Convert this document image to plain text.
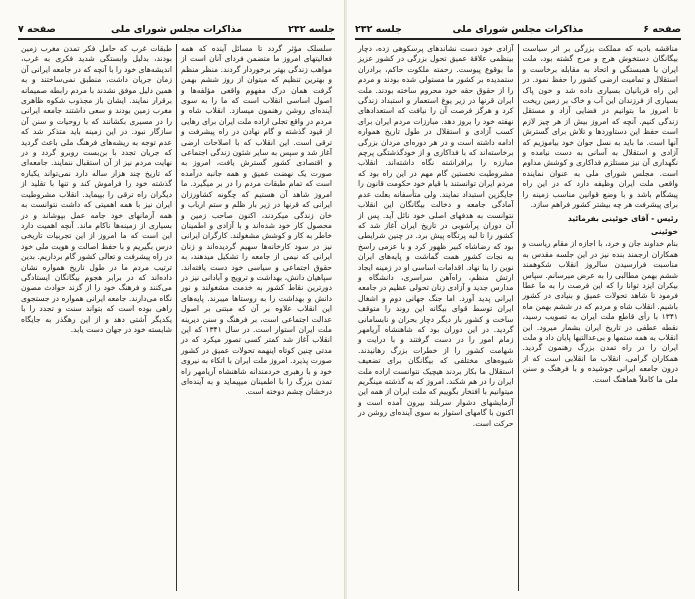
جلسه ۲۳۲
مذاکرات مجلس شورای ملی
صفحه ۷

طبقات غرب که حامل فکر تمدن مغرب زمین بودند، بدلیل وابستگی شدید فکری به غرب، اندیشه‌های خود را با آنچه که در جامعه ایرانی آن زمان جریان داشت، منطبق نمی‌ساختند و به همین دلیل موفق نشدند با مردم رابطه صمیمانه برقرار نمایند. ایشان باز مجذوب شکوه ظاهری مغرب زمین بودند و سعی داشتند جامعه ایرانی را در مسیری بکشانند که با روحیات و سنن آن سازگار نبود. در این زمینه باید متذکر شد که عدم توجه به ریشه‌های فرهنگ ملی باعث گردید که جریان تجدد با بن‌بست روبرو گردد و در نهایت مردم نیز از آن استقبال ننمایند. جامعه‌ای که تاریخ چند هزار ساله دارد نمی‌تواند یکباره گذشته خود را فراموش کند و تنها با تقلید از دیگران راه ترقی را بپیماید. انقلاب مشروطیت ایران نیز با همه اهمیتی که داشت نتوانست به همه آرمانهای خود جامه عمل بپوشاند و در بسیاری از زمینه‌ها ناکام ماند. آنچه اهمیت دارد این است که ما امروز از این تجربیات تاریخی درس بگیریم و با حفظ اصالت و هویت ملی خود در راه پیشرفت و تعالی کشور گام برداریم. بدین ترتیب مردم ما در طول تاریخ همواره نشان داده‌اند که در برابر هجوم بیگانگان ایستادگی می‌کنند و فرهنگ خود را از گزند حوادث مصون نگاه می‌دارند. جامعه ایرانی همواره در جستجوی راهی بوده است که بتواند سنت و تجدد را با یکدیگر آشتی دهد و از این رهگذر به جایگاه شایسته خود در جهان دست یابد.

سلسلک مؤثر گردد تا مسائل آینده که همه فعالیتهای امروز ما متضمن فردای آنان است از مواهب زندگی بهتر برخوردار گردند. منظر منظم و بهترین تنظیم که میتوان از روز ششم بهمن گرفت همان درک مفهوم واقعی مؤلفه‌ها و اصول اساسی انقلاب است که ما را به سوی آینده‌ای روشن رهنمون میسازد. انقلاب شاه و مردم در واقع تجلی اراده ملت ایران برای رهایی از قیود گذشته و گام نهادن در راه پیشرفت و ترقی است. این انقلاب که با اصلاحات ارضی آغاز شد و سپس به سایر شئون زندگی اجتماعی و اقتصادی کشور گسترش یافت، امروز به صورت یک نهضت عمیق و همه جانبه درآمده است که تمام طبقات مردم را در بر میگیرد. ما امروز شاهد آن هستیم که چگونه کشاورزان ایرانی که قرنها در زیر بار ظلم و ستم ارباب و خان زندگی میکردند، اکنون صاحب زمین و محصول کار خود شده‌اند و با آزادی و اطمینان خاطر به کار و کوشش مشغولند. کارگران ایرانی نیز در سود کارخانه‌ها سهیم گردیده‌اند و زنان ایرانی که نیمی از جامعه را تشکیل میدهند، به حقوق اجتماعی و سیاسی خود دست یافته‌اند. سپاهیان دانش، بهداشت و ترویج و آبادانی نیز در دورترین نقاط کشور به خدمت مشغولند و نور دانش و بهداشت را به روستاها میبرند. پایه‌های این انقلاب علاوه بر آن که مبتنی بر اصول عدالت اجتماعی است، بر فرهنگ و سنن دیرینه ملت ایران استوار است. در سال ۱۳۴۱ که این انقلاب آغاز شد کمتر کسی تصور میکرد که در مدتی چنین کوتاه اینهمه تحولات عمیق در کشور صورت پذیرد. امروز ملت ایران با اتکاء به نیروی خود و با رهبری خردمندانه شاهنشاه آریامهر راه تمدن بزرگ را با اطمینان میپیماید و به آینده‌ای درخشان چشم دوخته است.

صفحه ۶
مذاکرات مجلس شورای ملی
جلسه ۲۳۲

آزادی خود دست نشاندهای پرسکوهی زده، دچار بینظمی علاقهٔ عمیق تحول بزرگی در کشور عزیز ما بوقوع پیوست. رحمته ملکوت حاکم، برادران ستمدیده بر کشور ما مستولی شده بودند و مردم را از حقوق حقه خود محروم ساخته بودند. ملت ایران قرنها در زیر یوغ استعمار و استبداد زندگی کرد و هرگز فرصت آن را نیافت که استعدادهای نهفته خود را بروز دهد. مبارزات مردم ایران برای کسب آزادی و استقلال در طول تاریخ همواره ادامه داشته است و در هر دوره‌ای مردان بزرگی برخاسته‌اند که با فداکاری و از خودگذشتگی پرچم مبارزه را برافراشته نگاه داشته‌اند. انقلاب مشروطیت نخستین گام مهم در این راه بود که مردم ایران توانستند با قیام خود حکومت قانون را جایگزین استبداد نمایند. ولی متأسفانه بعلت عدم آمادگی جامعه و دخالت بیگانگان این انقلاب نتوانست به هدفهای اصلی خود نائل آید. پس از آن دوران پرآشوبی در تاریخ ایران آغاز شد که کشور را تا لبه پرتگاه پیش برد. در چنین شرایطی بود که رضاشاه کبیر ظهور کرد و با عزمی راسخ به نجات کشور همت گماشت و پایه‌های ایران نوین را بنا نهاد. اقدامات اساسی او در زمینه ایجاد ارتش منظم، راه‌آهن سراسری، دانشگاه و مدارس جدید و آزادی زنان تحولی عظیم در جامعه ایرانی پدید آورد. اما جنگ جهانی دوم و اشغال ایران توسط قوای بیگانه این روند را متوقف ساخت و کشور بار دیگر دچار بحران و نابسامانی گردید. در این دوران بود که شاهنشاه آریامهر زمام امور را در دست گرفتند و با درایت و شهامت کشور را از خطرات بزرگ رهانیدند. شیوه‌های مختلفی که بیگانگان برای تضعیف استقلال ما بکار بردند هیچیک نتوانست اراده ملت ایران را در هم شکند. امروز که به گذشته مینگریم میتوانیم با افتخار بگوییم که ملت ایران از همه این آزمایشهای دشوار سربلند بیرون آمده است و اکنون با گامهای استوار به سوی آینده‌ای روشن در حرکت است.

مناقشه بادیه که مملکت بزرگی بر اثر سیاست بیگانگان دستخوش هرج و مرج گشته بود، ملت ایران با همبستگی و اتحاد به مقابله برخاست و استقلال و تمامیت ارضی کشور را حفظ نمود. در این راه قربانیان بسیاری داده شد و خون پاک بسیاری از فرزندان این آب و خاک بر زمین ریخت تا امروز ما بتوانیم در فضایی آزاد و مستقل زندگی کنیم. آنچه که امروز بیش از هر چیز لازم است حفظ این دستاوردها و تلاش برای گسترش آنها است. ما باید به نسل جوان خود بیاموزیم که آزادی و استقلال به آسانی به دست نیامده و نگهداری آن نیز مستلزم فداکاری و کوشش مداوم است. مجلس شورای ملی به عنوان نماینده واقعی ملت ایران وظیفه دارد که در این راه پیشگام باشد و با وضع قوانین مناسب زمینه را برای پیشرفت هر چه بیشتر کشور فراهم سازد.

رئیس - آقای خوئینی بفرمائید
خوئینی

بنام خداوند جان و خرد، با اجازه از مقام ریاست و همکاران ارجمند بنده نیز در این جلسه مقدس به مناسبت فرارسیدن سالروز انقلاب شکوهمند ششم بهمن مطالبی را به عرض میرسانم. سپاس بیکران ایزد توانا را که این فرصت را به ما عطا فرمود تا شاهد تحولات عمیق و بنیادی در کشور باشیم. انقلاب شاه و مردم که در ششم بهمن ماه ۱۳۴۱ با رأی قاطع ملت ایران به تصویب رسید، نقطه عطفی در تاریخ ایران بشمار میرود. این انقلاب به همه ستمها و بی‌عدالتیها پایان داد و ملت ایران را در راه تمدن بزرگ رهنمون گردید. همکاران گرامی، انقلاب ما انقلابی است که از درون جامعه ایرانی جوشیده و با فرهنگ و سنن ملی ما کاملاً هماهنگ است.
